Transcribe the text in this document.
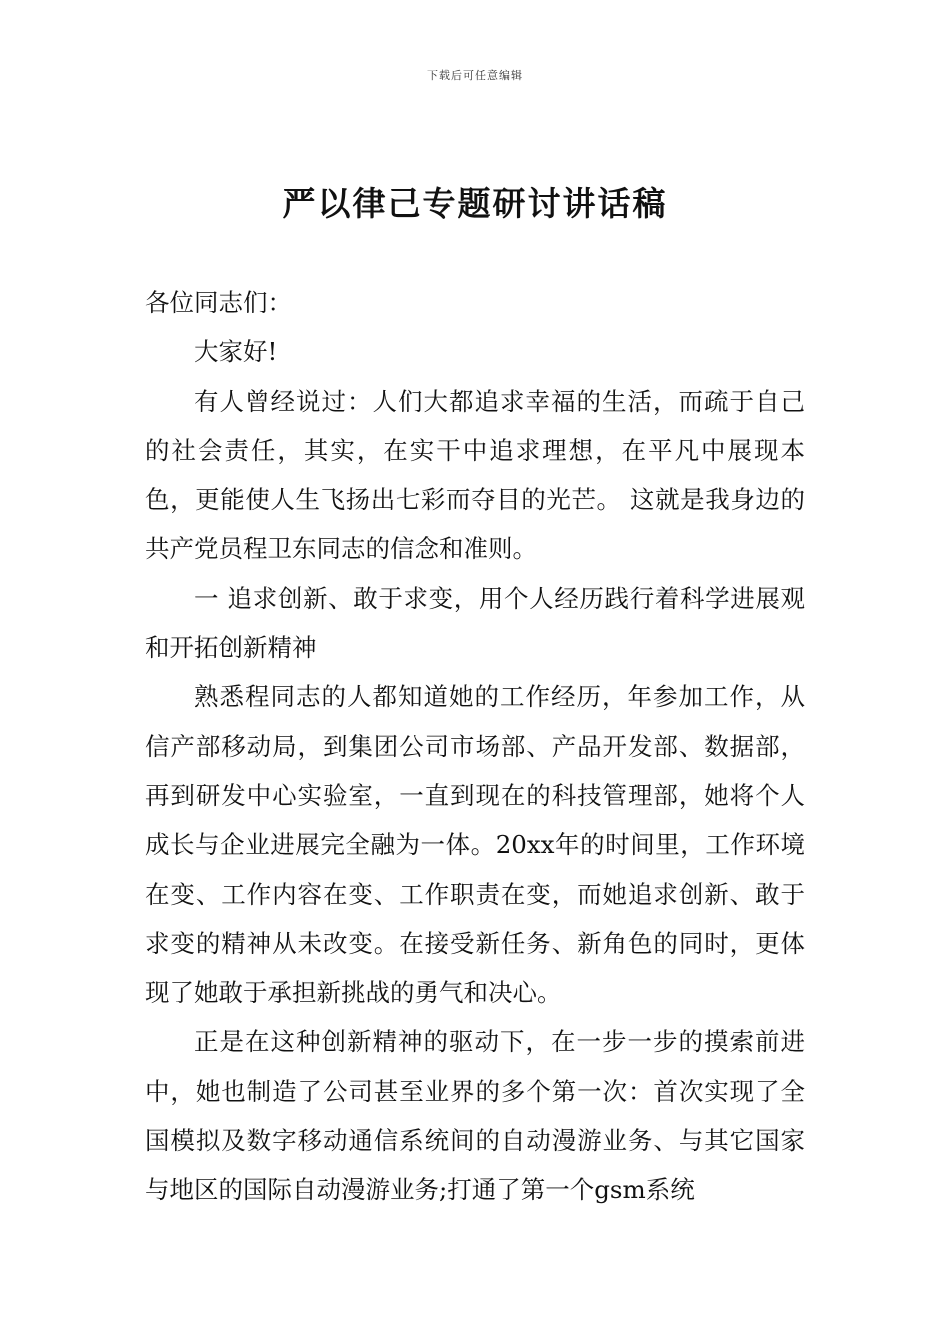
下载后可任意编辑
严以律己专题研讨讲话稿

各位同志们：

大家好!

有人曾经说过：人们大都追求幸福的生活，而疏于自己的社会责任，其实，在实干中追求理想，在平凡中展现本色，更能使人生飞扬出七彩而夺目的光芒。 这就是我身边的共产党员程卫东同志的信念和准则。

一 追求创新、敢于求变，用个人经历践行着科学进展观和开拓创新精神

熟悉程同志的人都知道她的工作经历，年参加工作，从信产部移动局，到集团公司市场部、产品开发部、数据部，再到研发中心实验室，一直到现在的科技管理部，她将个人成长与企业进展完全融为一体。20xx年的时间里，工作环境在变、工作内容在变、工作职责在变，而她追求创新、敢于求变的精神从未改变。在接受新任务、新角色的同时，更体现了她敢于承担新挑战的勇气和决心。

正是在这种创新精神的驱动下，在一步一步的摸索前进中，她也制造了公司甚至业界的多个第一次：首次实现了全国模拟及数字移动通信系统间的自动漫游业务、与其它国家与地区的国际自动漫游业务;打通了第一个gsm系统
